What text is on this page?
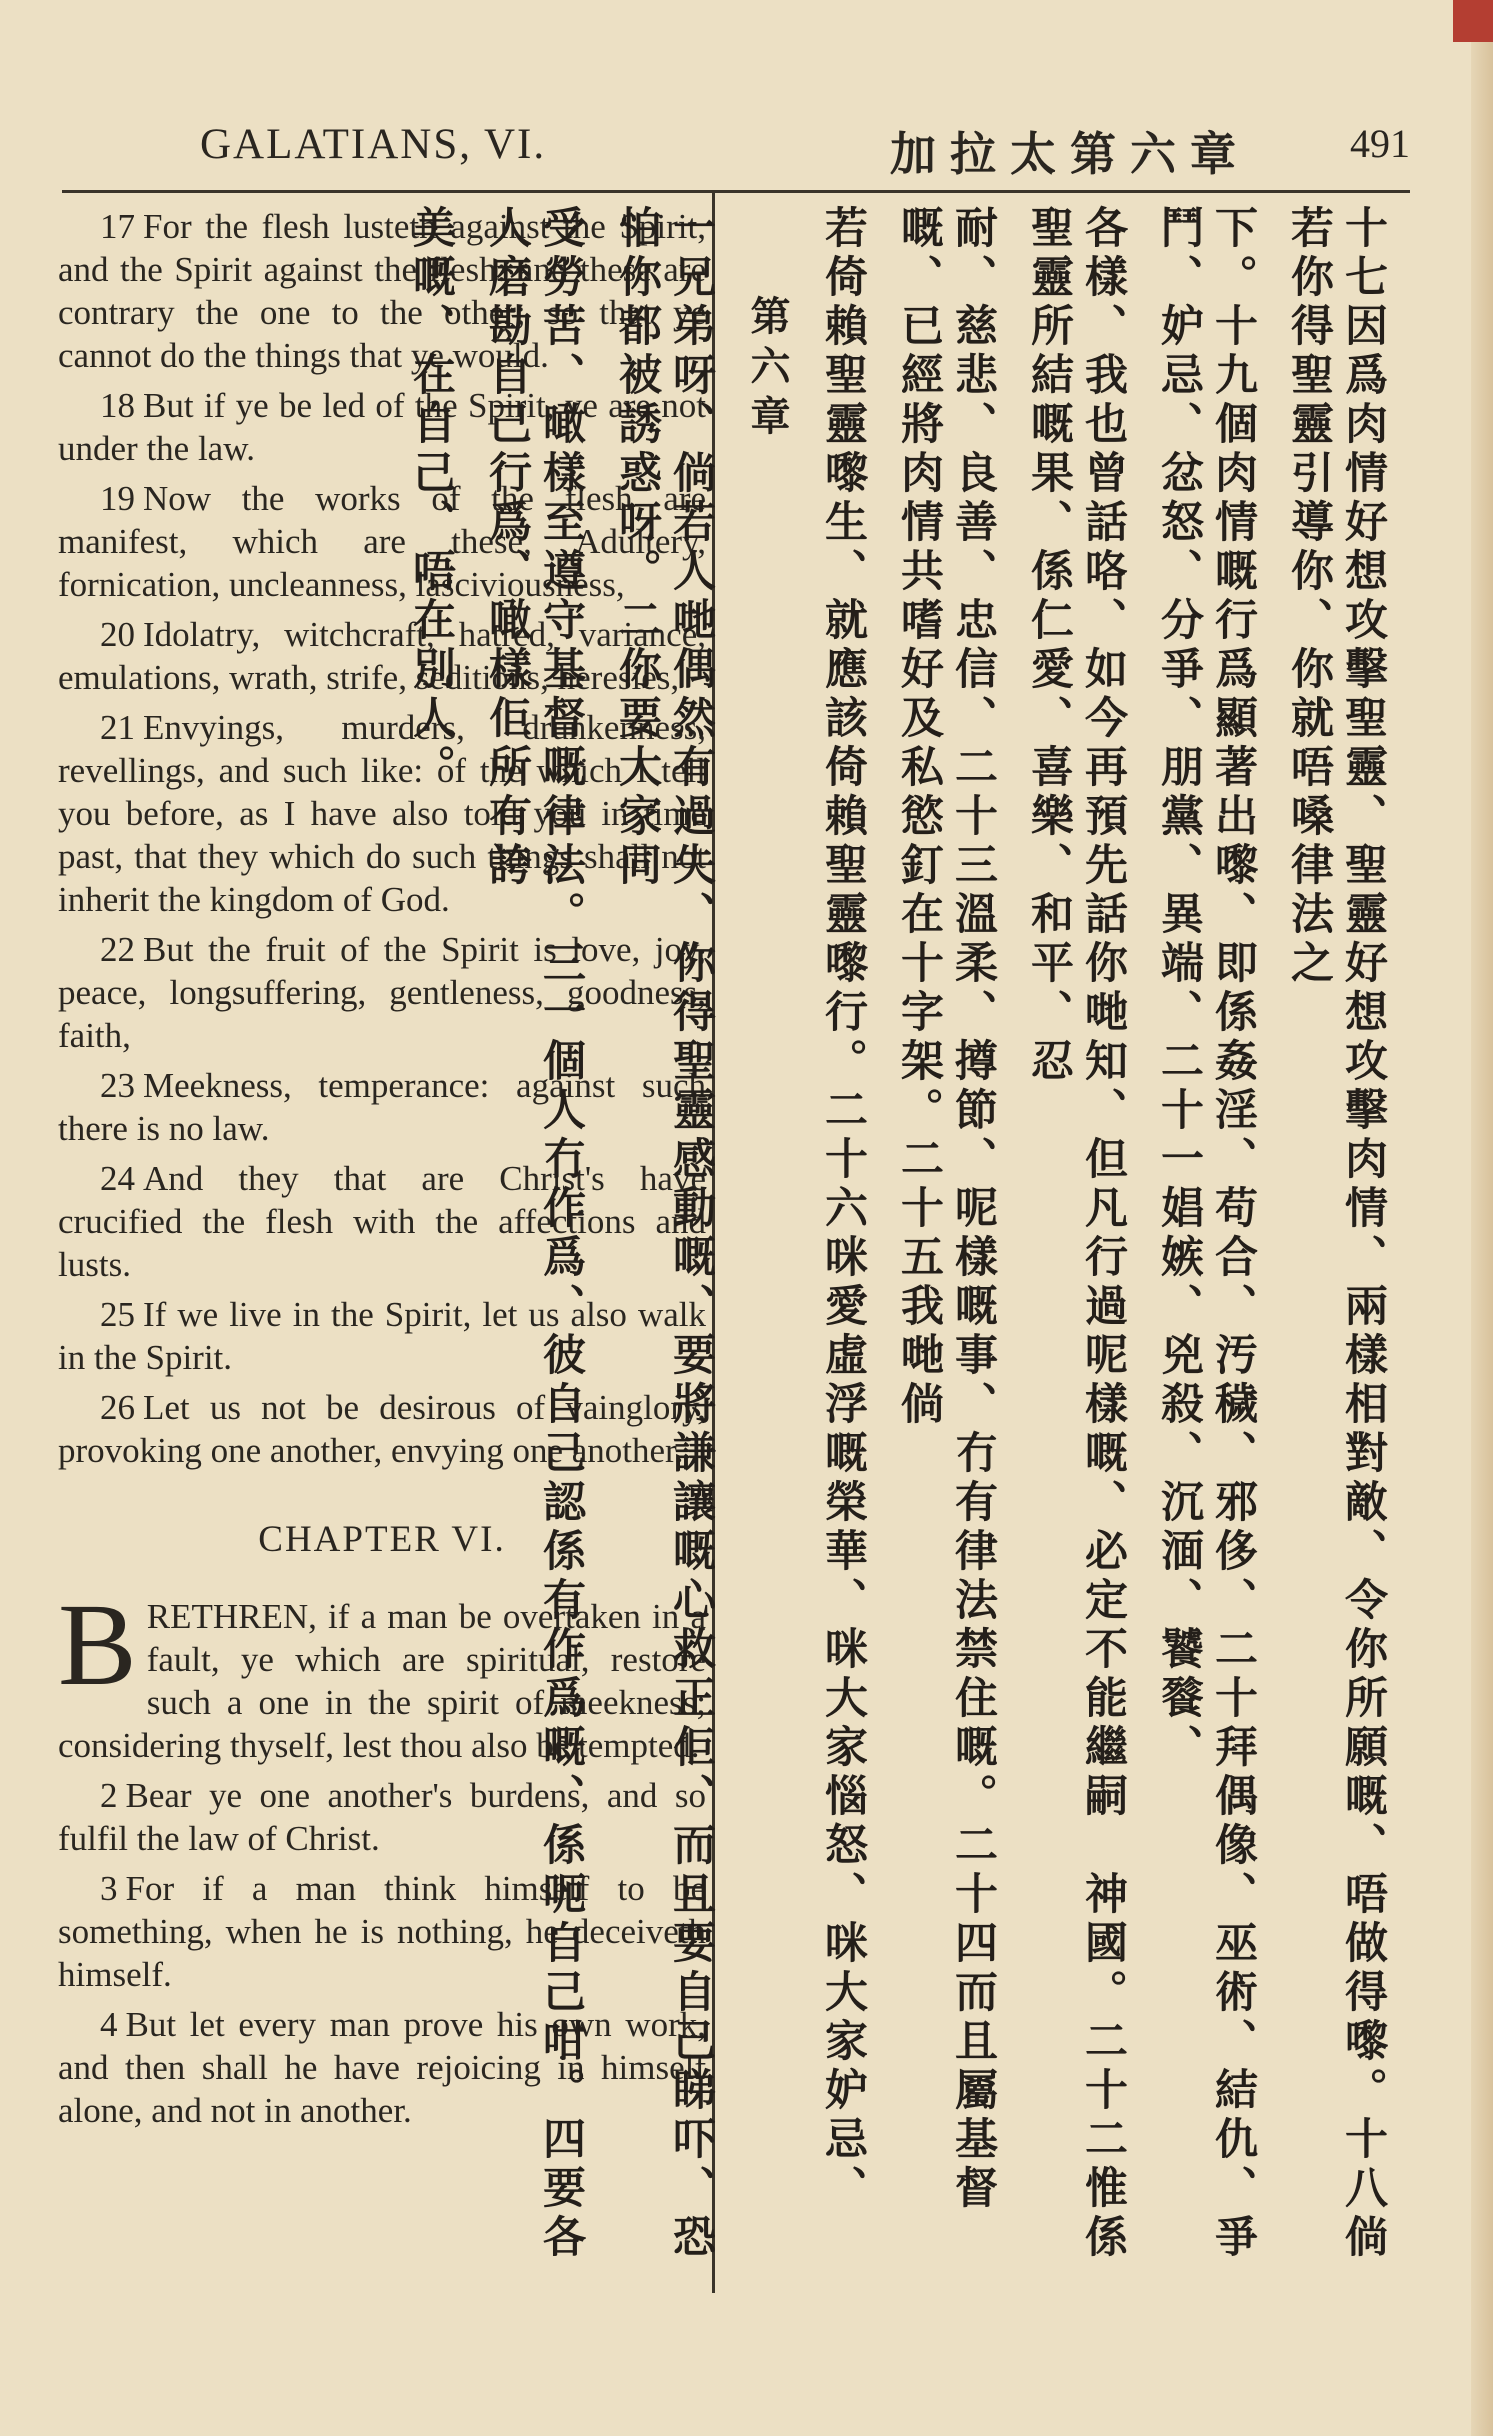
GALATIANS, VI.	加拉太第六章	491

17 For the flesh lusteth against the Spirit, and the Spirit against the flesh: and these are contrary the one to the other; so that ye cannot do the things that ye would.

18 But if ye be led of the Spirit, ye are not under the law.

19 Now the works of the flesh are manifest, which are these, Adultery, fornication, uncleanness, lasciviousness,

20 Idolatry, witchcraft, hatred, variance, emulations, wrath, strife, seditions, heresies,

21 Envyings, murders, drunkenness, revellings, and such like: of the which I tell you before, as I have also told you in time past, that they which do such things shall not inherit the kingdom of God.

22 But the fruit of the Spirit is love, joy, peace, longsuffering, gentleness, goodness, faith,

23 Meekness, temperance: against such there is no law.

24 And they that are Christ's have crucified the flesh with the affections and lusts.

25 If we live in the Spirit, let us also walk in the Spirit.

26 Let us not be desirous of vainglory, provoking one another, envying one another.

CHAPTER VI.

BRETHREN, if a man be overtaken in a fault, ye which are spiritual, restore such a one in the spirit of meekness; considering thyself, lest thou also be tempted.

2 Bear ye one another's burdens, and so fulfil the law of Christ.

3 For if a man think himself to be something, when he is nothing, he deceiveth himself.

4 But let every man prove his own work, and then shall he have rejoicing in himself alone, and not in another.	十七因爲肉情好想攻擊聖靈、聖靈好想攻擊肉情、兩樣相對敵、令你所願嘅、唔做得嚟。十八倘若你得聖靈引導你、你就唔嗓律法之
下。十九個肉情嘅行爲顯著出嚟、即係姦淫、苟合、汚穢、邪侈、二十拜偶像、巫術、結仇、爭鬥、妒忌、忿怒、分爭、朋黨、異端、二十一娼嫉、兇殺、沉湎、饕餮、
各樣、我也曾話咯、如今再預先話你哋知、但凡行過呢樣嘅、必定不能繼嗣　神國。二十二惟係聖靈所結嘅果、係仁愛、喜樂、和平、忍
耐、慈悲、良善、忠信、二十三溫柔、撙節、呢樣嘅事、冇有律法禁住嘅。二十四而且屬基督嘅、已經將肉情共嗜好及私慾釘在十字架。二十五我哋倘
若倚賴聖靈嚟生、就應該倚賴聖靈嚟行。二十六咪愛虛浮嘅榮華、咪大家惱怒、咪大家妒忌、
第六章
一兄弟呀、倘若人哋偶然有過失、你得聖靈感動嘅、要將謙讓嘅心救正佢、而且要自己睇吓、恐怕你都被誘惑呀。二你要大家同
受勞苦、噉樣至遵守基督嘅律法。三一個人冇作爲、彼自己認係有作爲嘅、係呃自己咁。四要各人磨勘自己行爲、噉樣佢所有誇
美嘅、在自己、唔在別人。
